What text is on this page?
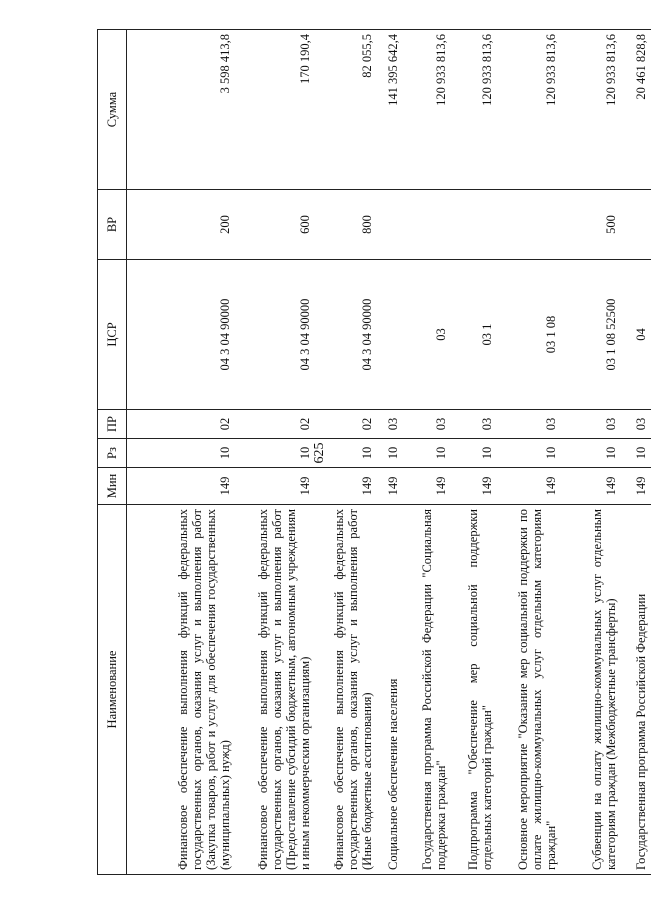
625
Наименование	Мин	Рз	ПР	ЦСР	ВР	Сумма
Финансовое обеспечение выполнения функций федеральных государственных органов, оказания услуг и выполнения работ (Закупка товаров, работ и услуг для обеспечения государственных (муниципальных) нужд)	149	10	02	04 3 04 90000	200	3 598 413,8
Финансовое обеспечение выполнения функций федеральных государственных органов, оказания услуг и выполнения работ (Предоставление субсидий бюджетным, автономным учреждениям и иным некоммерческим организациям)	149	10	02	04 3 04 90000	600	170 190,4
Финансовое обеспечение выполнения функций федеральных государственных органов, оказания услуг и выполнения работ (Иные бюджетные ассигнования)	149	10	02	04 3 04 90000	800	82 055,5
Социальное обеспечение населения	149	10	03			141 395 642,4
Государственная программа Российской Федерации "Социальная поддержка граждан"	149	10	03	03		120 933 813,6
Подпрограмма "Обеспечение мер социальной поддержки отдельных категорий граждан"	149	10	03	03 1		120 933 813,6
Основное мероприятие "Оказание мер социальной поддержки по оплате жилищно-коммунальных услуг отдельным категориям граждан"	149	10	03	03 1 08		120 933 813,6
Субвенции на оплату жилищно-коммунальных услуг отдельным категориям граждан (Межбюджетные трансферты)	149	10	03	03 1 08 52500	500	120 933 813,6
Государственная программа Российской Федерации	149	10	03	04		20 461 828,8
